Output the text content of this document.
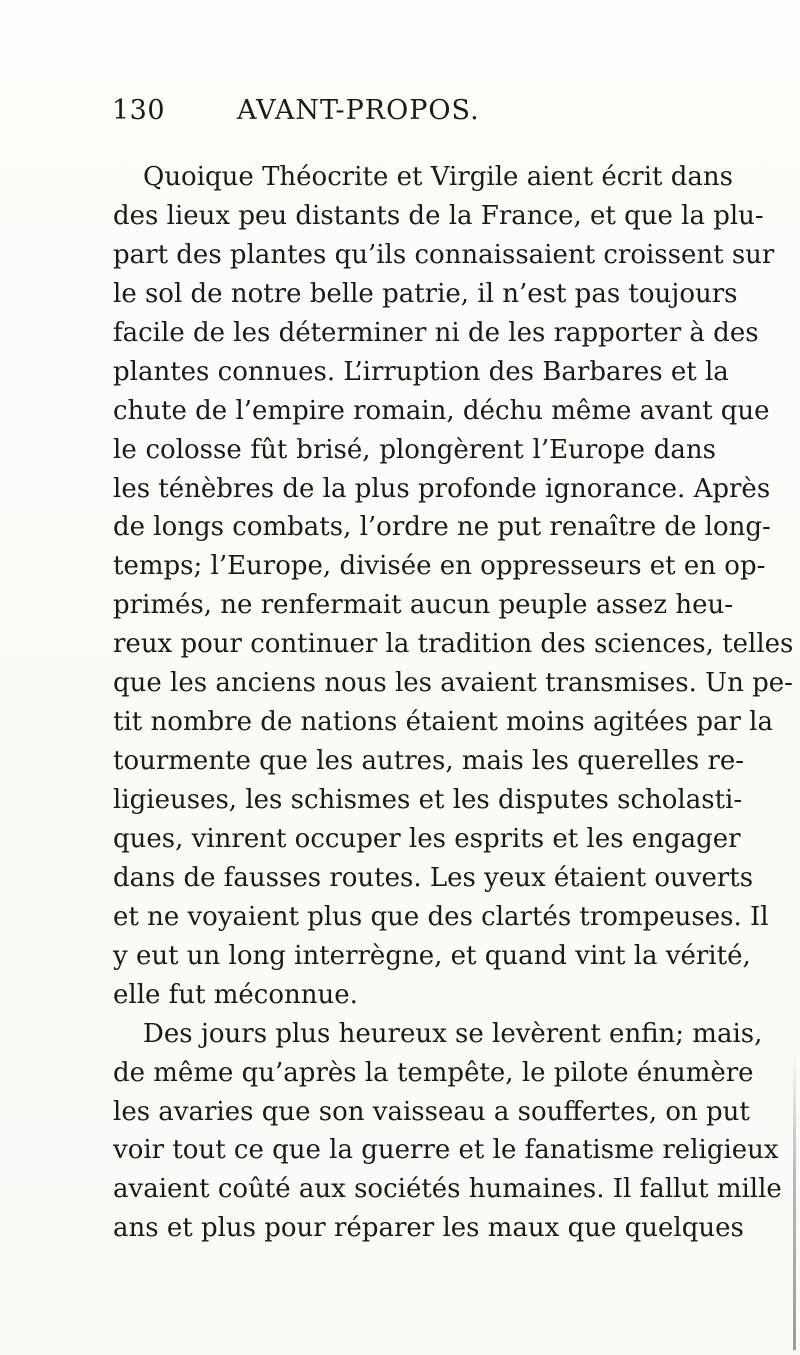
130	AVANT-PROPOS.
Quoique Théocrite et Virgile aient écrit dans
des lieux peu distants de la France, et que la plu-
part des plantes qu’ils connaissaient croissent sur
le sol de notre belle patrie, il n’est pas toujours
facile de les déterminer ni de les rapporter à des
plantes connues. L’irruption des Barbares et la
chute de l’empire romain, déchu même avant que
le colosse fût brisé, plongèrent l’Europe dans
les ténèbres de la plus profonde ignorance. Après
de longs combats, l’ordre ne put renaître de long-
temps; l’Europe, divisée en oppresseurs et en op-
primés, ne renfermait aucun peuple assez heu-
reux pour continuer la tradition des sciences, telles
que les anciens nous les avaient transmises. Un pe-
tit nombre de nations étaient moins agitées par la
tourmente que les autres, mais les querelles re-
ligieuses, les schismes et les disputes scholasti-
ques, vinrent occuper les esprits et les engager
dans de fausses routes. Les yeux étaient ouverts
et ne voyaient plus que des clartés trompeuses. Il
y eut un long interrègne, et quand vint la vérité,
elle fut méconnue.
Des jours plus heureux se levèrent enfin; mais,
de même qu’après la tempête, le pilote énumère
les avaries que son vaisseau a souffertes, on put
voir tout ce que la guerre et le fanatisme religieux
avaient coûté aux sociétés humaines. Il fallut mille
ans et plus pour réparer les maux que quelques
